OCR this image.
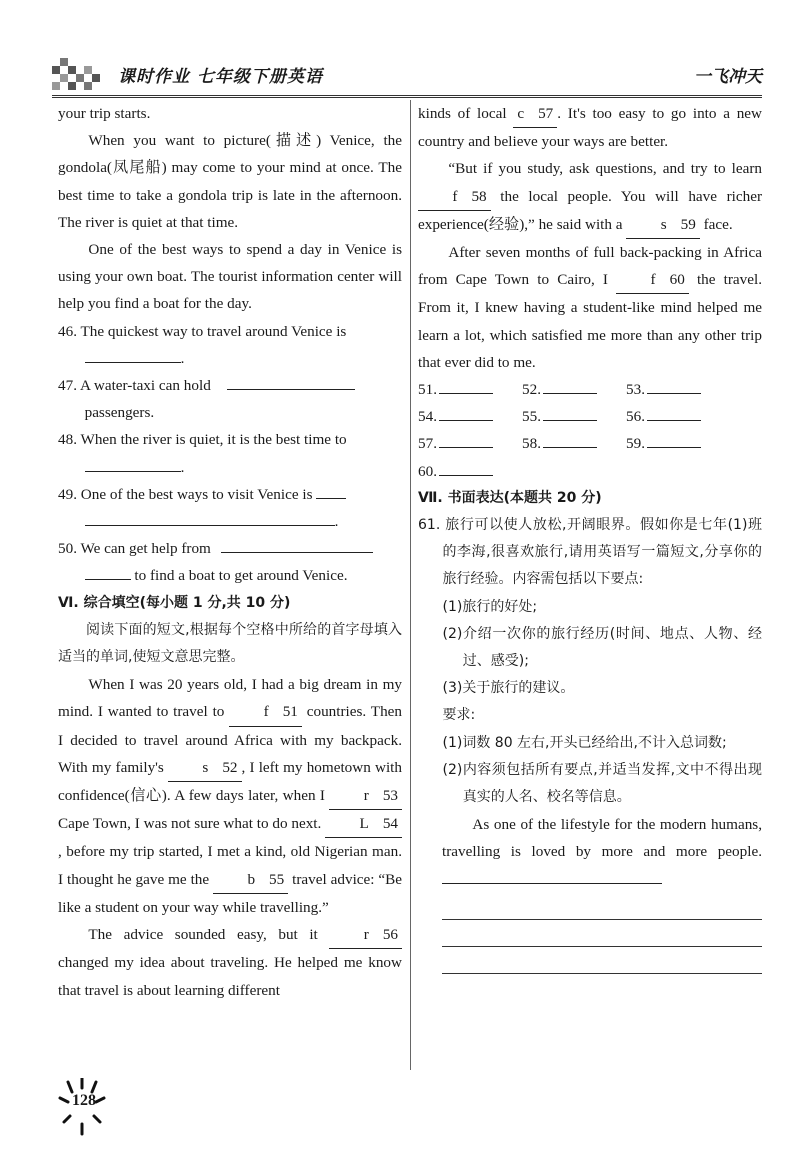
课时作业 七年级下册英语	一飞冲天

your trip starts.

When you want to picture(描述) Venice, the gondola(凤尾船) may come to your mind at once. The best time to take a gondola trip is late in the afternoon. The river is quiet at that time.

One of the best ways to spend a day in Venice is using your own boat. The tourist information center will help you find a boat for the day.

46. The quickest way to travel around Venice is
.

47. A water-taxi can hold
passengers.

48. When the river is quiet, it is the best time to
.

49. One of the best ways to visit Venice is
.

50. We can get help from
to find a boat to get around Venice.

Ⅵ. 综合填空(每小题 1 分,共 10 分)

阅读下面的短文,根据每个空格中所给的首字母填入适当的单词,使短文意思完整。

When I was 20 years old, I had a big dream in my mind. I wanted to travel to	f 51 countries. Then I decided to travel around Africa with my backpack. With my family's	s 52 , I left my hometown with confidence(信心). A few days later, when I	r 53 Cape Town, I was not sure what to do next.	L 54, before my trip started, I met a kind, old Nigerian man. I thought he gave me the	b 55 travel advice: “Be like a student on your way while travelling.”

The advice sounded easy, but it	r 56 changed my idea about traveling. He helped me know that travel is about learning different

kinds of local c 57 . It's too easy to go into a new country and believe your ways are better.

“But if you study, ask questions, and try to learn f 58 the local people. You will have richer experience(经验),” he said with a	s 59 face.

After seven months of full back-packing in Africa from Cape Town to Cairo, I	f 60 the travel. From it, I knew having a student-like mind helped me learn a lot, which satisfied me more than any other trip that ever did to me.

51.	52.	53.
54.	55.	56.
57.	58.	59.
60.

Ⅶ. 书面表达(本题共 20 分)

61. 旅行可以使人放松,开阔眼界。假如你是七年(1)班的李海,很喜欢旅行,请用英语写一篇短文,分享你的旅行经验。内容需包括以下要点:

(1)旅行的好处;

(2)介绍一次你的旅行经历(时间、地点、人物、经过、感受);

(3)关于旅行的建议。

要求:

(1)词数 80 左右,开头已经给出,不计入总词数;

(2)内容须包括所有要点,并适当发挥,文中不得出现真实的人名、校名等信息。

As one of the lifestyle for the modern humans, travelling is loved by more and more people.

128
